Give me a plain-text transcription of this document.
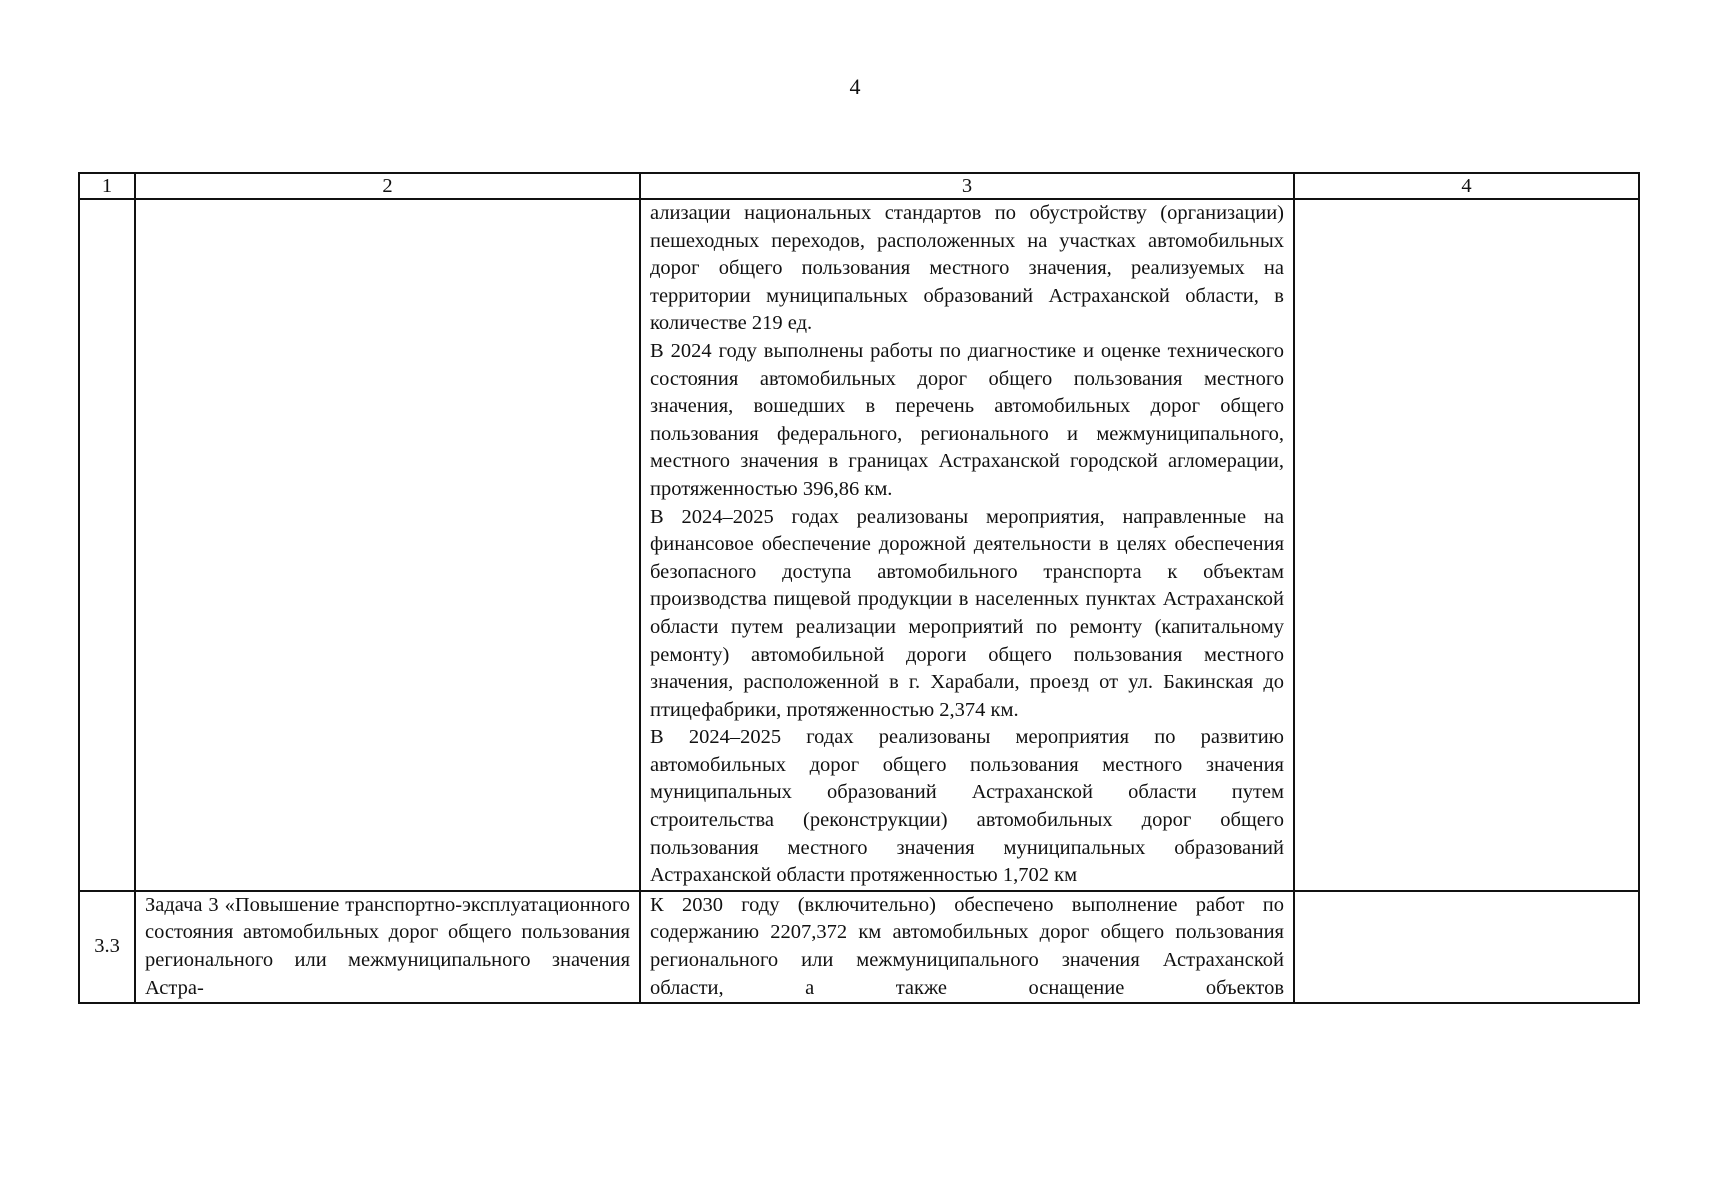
4
1	2	3	4

		ализации национальных стандартов по обустройству (организации) пешеходных переходов, расположенных на участках автомобильных дорог общего пользования местного значения, реализуемых на территории муниципальных образований Астраханской области, в количестве 219 ед.
В 2024 году выполнены работы по диагностике и оценке технического состояния автомобильных дорог общего пользования местного значения, вошедших в перечень автомобильных дорог общего пользования федерального, регионального и межмуниципального, местного значения в границах Астраханской городской агломерации, протяженностью 396,86 км.
В 2024–2025 годах реализованы мероприятия, направленные на финансовое обеспечение дорожной деятельности в целях обеспечения безопасного доступа автомобильного транспорта к объектам производства пищевой продукции в населенных пунктах Астраханской области путем реализации мероприятий по ремонту (капитальному ремонту) автомобильной дороги общего пользования местного значения, расположенной в г. Харабали, проезд от ул. Бакинская до птицефабрики, протяженностью 2,374 км.
В 2024–2025 годах реализованы мероприятия по развитию автомобильных дорог общего пользования местного значения муниципальных образований Астраханской области путем строительства (реконструкции) автомобильных дорог общего пользования местного значения муниципальных образований Астраханской области протяженностью 1,702 км	

3.3	Задача 3 «Повышение транспортно-эксплуатационного состояния автомобильных дорог общего пользования регионального или межмуниципального значения Астра-	К 2030 году (включительно) обеспечено выполнение работ по содержанию 2207,372 км автомобильных дорог общего пользования регионального или межмуниципального значения Астраханской области, а также оснащение объектов	
